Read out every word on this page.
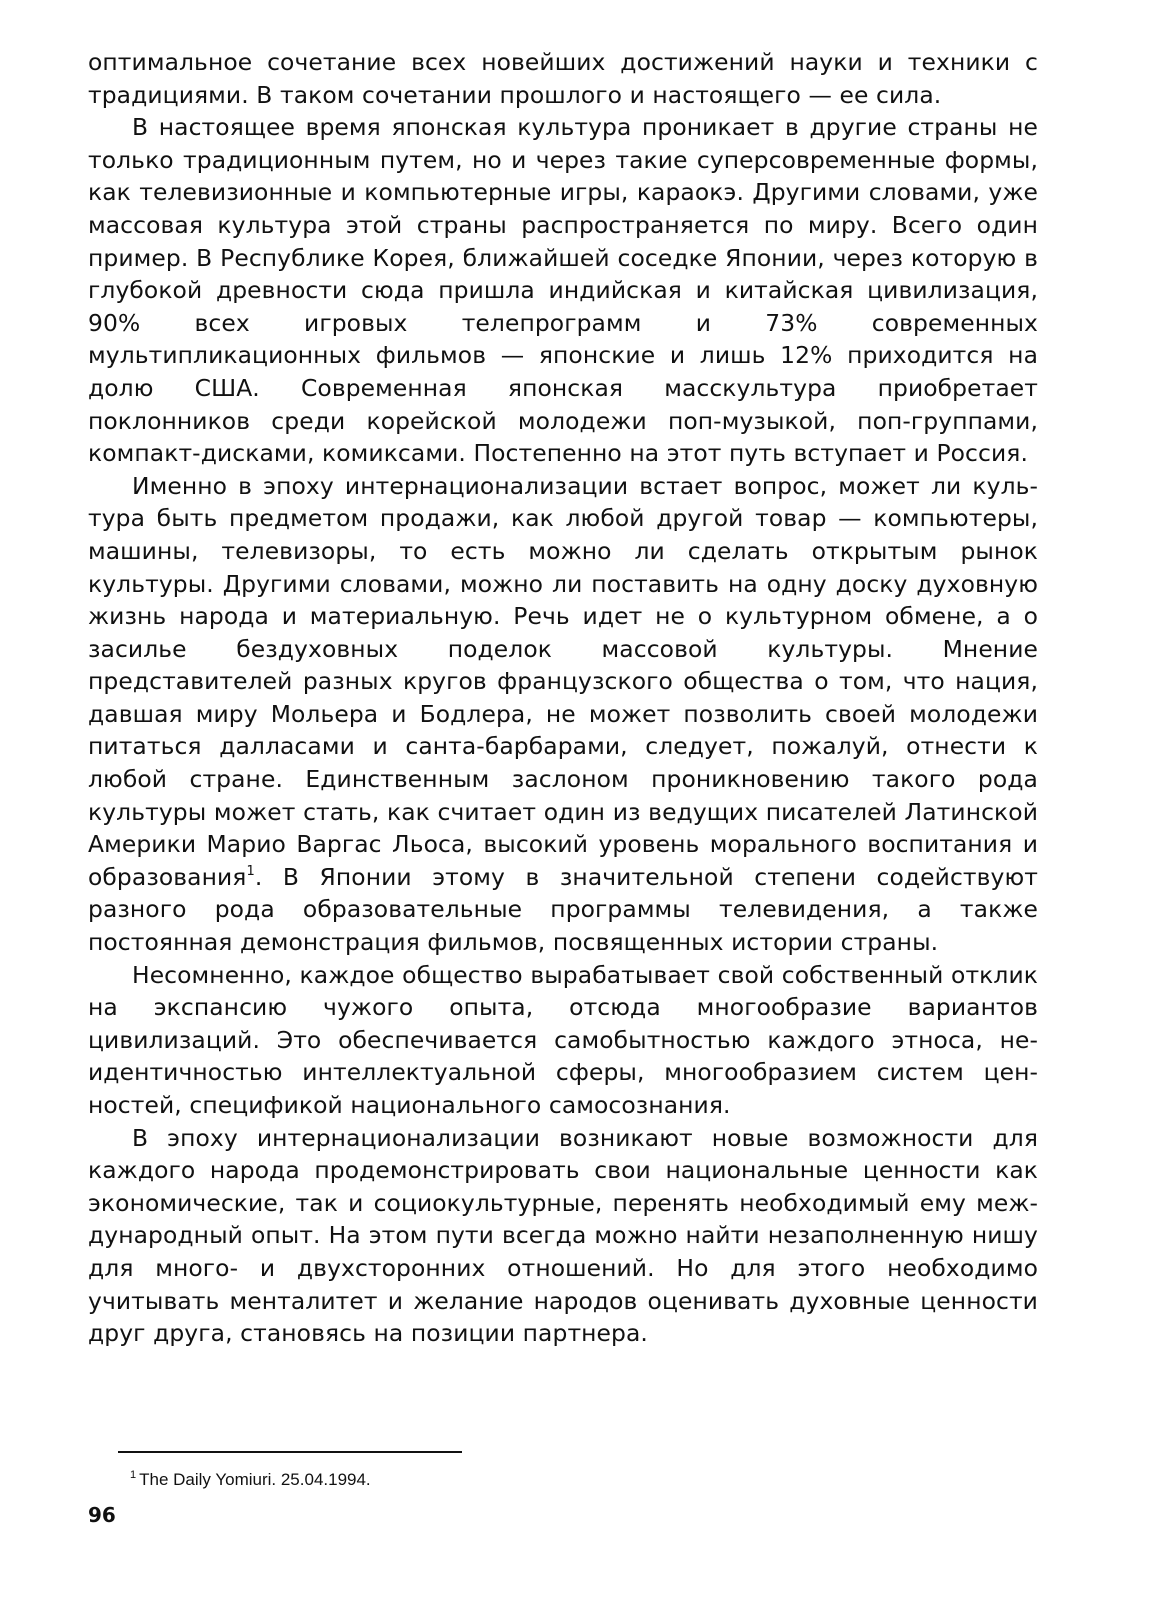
оптимальное сочетание всех новейших достижений науки и техники с традициями. В таком сочетании прошлого и настоящего — ее сила.

В настоящее время японская культура проникает в другие страны не только традиционным путем, но и через такие суперсовременные формы, как телевизионные и компьютерные игры, караокэ. Другими словами, уже массовая культура этой страны распространяется по миру. Всего один пример. В Республике Корея, ближайшей соседке Японии, через которую в глубокой древности сюда пришла индийская и китайская цивилизация, 90% всех игровых телепрограмм и 73% современных мультипликационных фильмов — японские и лишь 12% приходится на долю США. Современная японская масскультура приобретает поклонников среди корейской молодежи поп-музыкой, поп-группами, компакт-дисками, комиксами. Постепенно на этот путь вступает и Россия.

Именно в эпоху интернационализации встает вопрос, может ли культура быть предметом продажи, как любой другой товар — компьютеры, машины, телевизоры, то есть можно ли сделать открытым рынок культуры. Другими словами, можно ли поставить на одну доску духовную жизнь народа и материальную. Речь идет не о культурном обмене, а о засилье бездуховных поделок массовой культуры. Мнение представителей разных кругов французского общества о том, что нация, давшая миру Мольера и Бодлера, не может позволить своей молодежи питаться далласами и санта-барбарами, следует, пожалуй, отнести к любой стране. Единственным заслоном проникновению такого рода культуры может стать, как считает один из ведущих писателей Латинской Америки Марио Варгас Льоса, высокий уровень морального воспитания и образования$^1$. В Японии этому в значительной степени содействуют разного рода образовательные программы телевидения, а также постоянная демонстрация фильмов, посвященных истории страны.

Несомненно, каждое общество вырабатывает свой собственный отклик на экспансию чужого опыта, отсюда многообразие вариантов цивилизаций. Это обеспечивается самобытностью каждого этноса, неидентичностью интеллектуальной сферы, многообразием систем ценностей, спецификой национального самосознания.

В эпоху интернационализации возникают новые возможности для каждого народа продемонстрировать свои национальные ценности как экономические, так и социокультурные, перенять необходимый ему международный опыт. На этом пути всегда можно найти незаполненную нишу для много- и двухсторонних отношений. Но для этого необходимо учитывать менталитет и желание народов оценивать духовные ценности друг друга, становясь на позиции партнера.

$^1$ The Daily Yomiuri. 25.04.1994.

96
